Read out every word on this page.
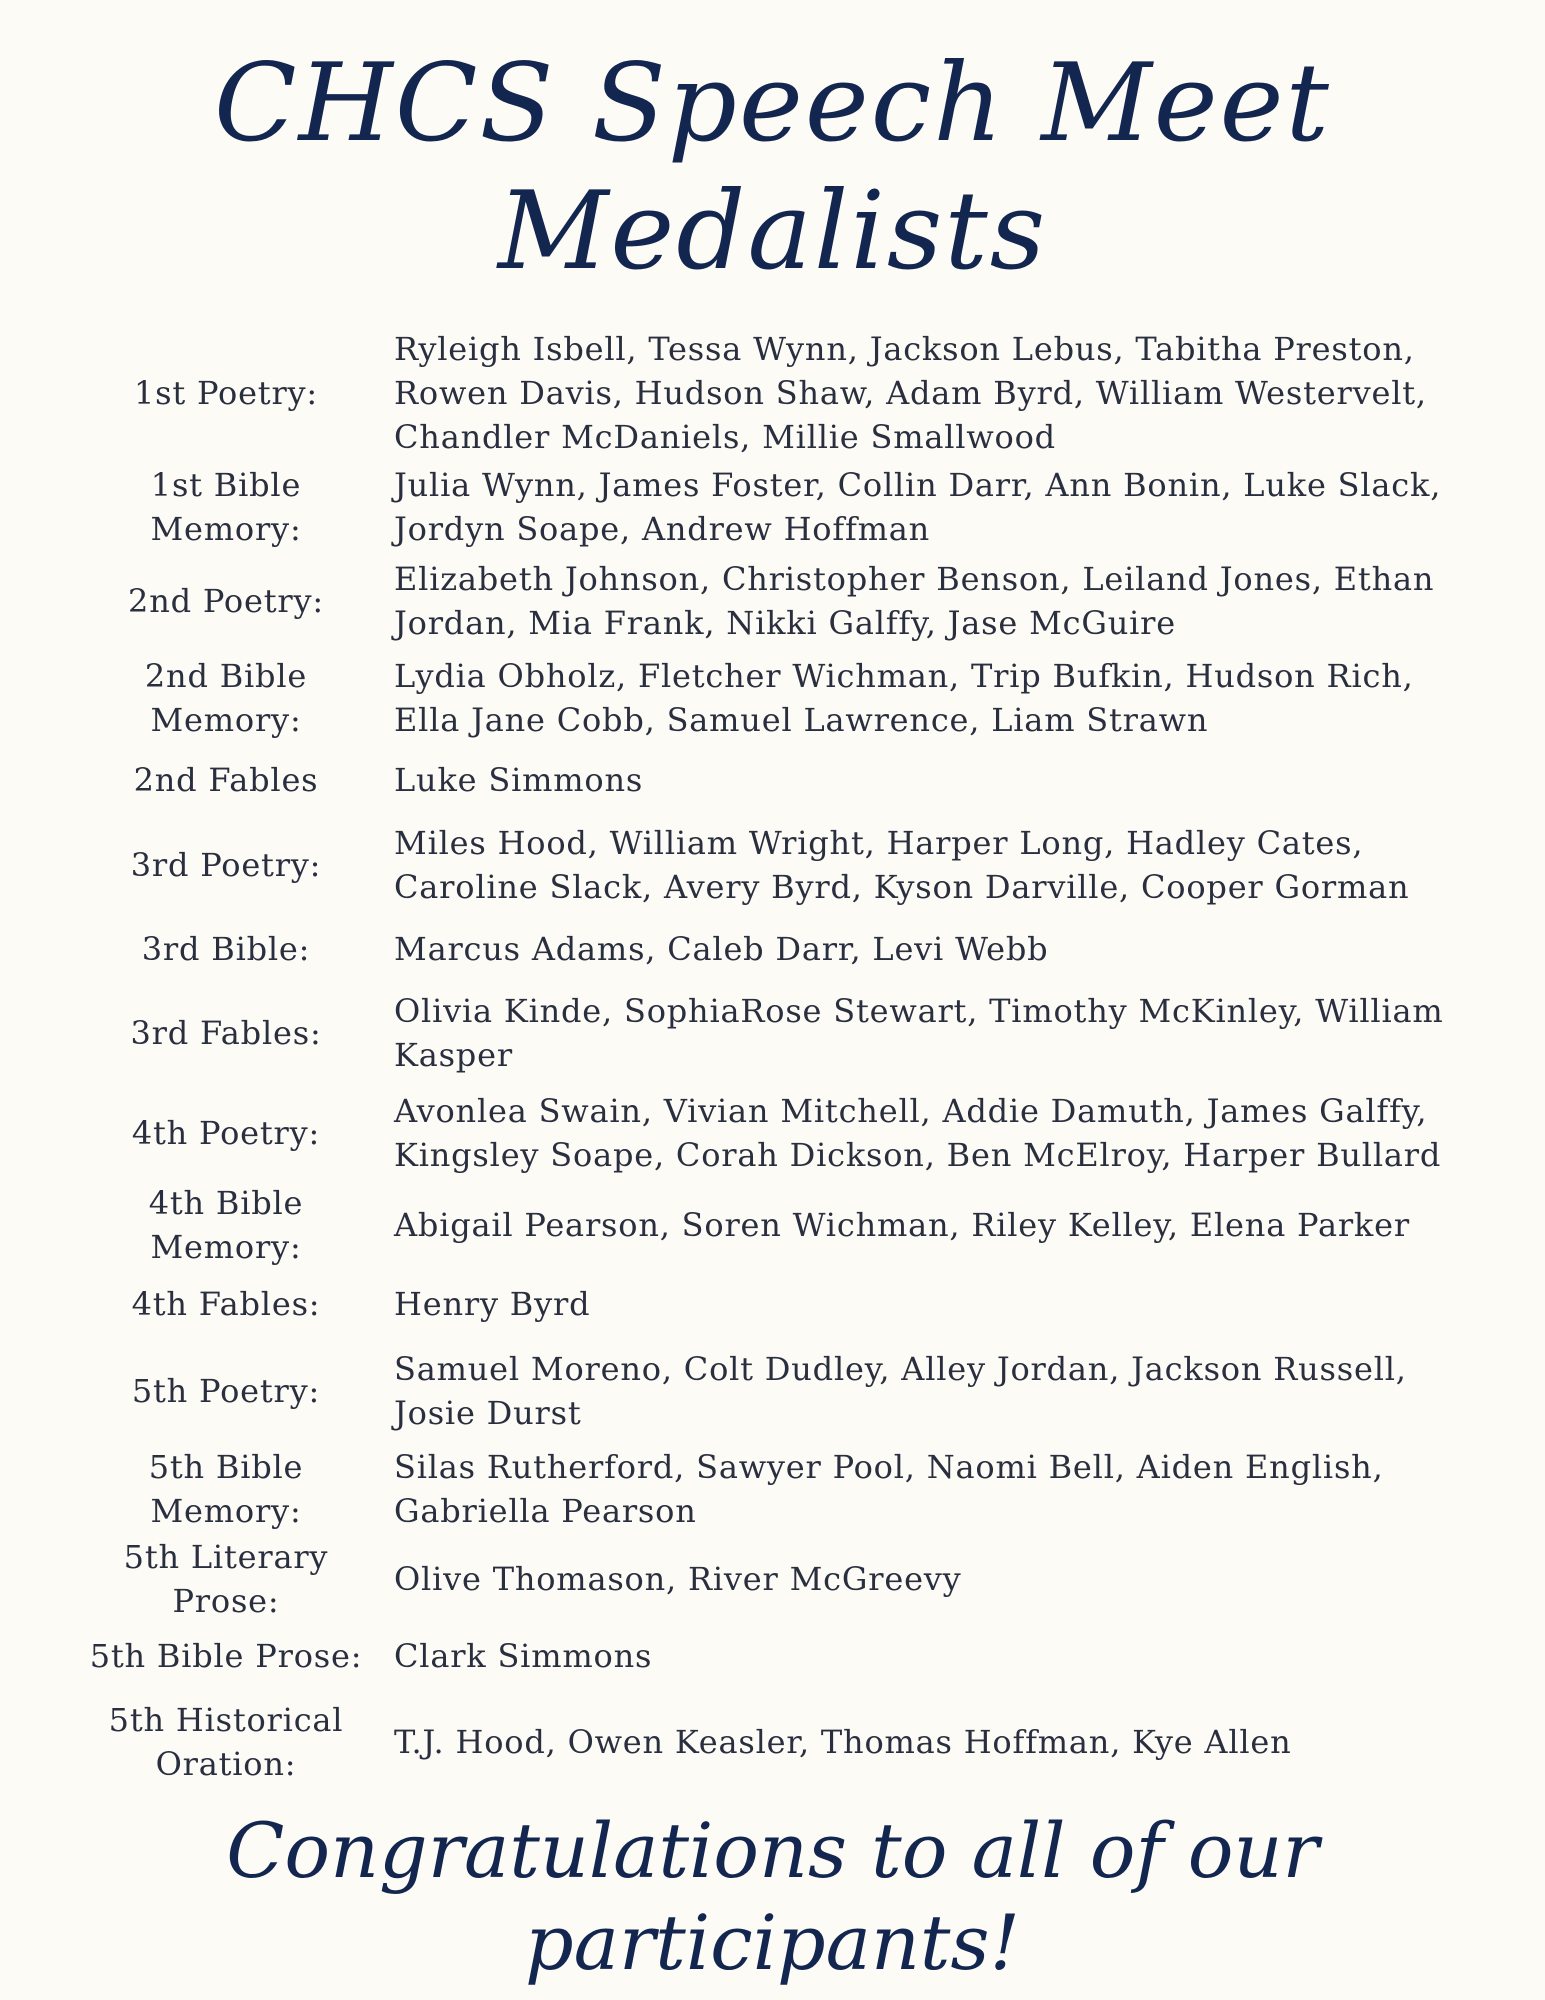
CHCS Speech Meet
Medalists
1st Poetry:
Ryleigh Isbell, Tessa Wynn, Jackson Lebus, Tabitha Preston, Rowen Davis, Hudson Shaw, Adam Byrd, William Westervelt, Chandler McDaniels, Millie Smallwood
1st Bible Memory:
Julia Wynn, James Foster, Collin Darr, Ann Bonin, Luke Slack, Jordyn Soape, Andrew Hoffman
2nd Poetry:
Elizabeth Johnson, Christopher Benson, Leiland Jones, Ethan Jordan, Mia Frank, Nikki Galffy, Jase McGuire
2nd Bible Memory:
Lydia Obholz, Fletcher Wichman, Trip Bufkin, Hudson Rich, Ella Jane Cobb, Samuel Lawrence, Liam Strawn
2nd Fables	Luke Simmons
3rd Poetry:
Miles Hood, William Wright, Harper Long, Hadley Cates, Caroline Slack, Avery Byrd, Kyson Darville, Cooper Gorman
3rd Bible:	Marcus Adams, Caleb Darr, Levi Webb
3rd Fables:
Olivia Kinde, SophiaRose Stewart, Timothy McKinley, William Kasper
4th Poetry:
Avonlea Swain, Vivian Mitchell, Addie Damuth, James Galffy, Kingsley Soape, Corah Dickson, Ben McElroy, Harper Bullard
4th Bible Memory:
Abigail Pearson, Soren Wichman, Riley Kelley, Elena Parker
4th Fables:	Henry Byrd
5th Poetry:
Samuel Moreno, Colt Dudley, Alley Jordan, Jackson Russell, Josie Durst
5th Bible Memory:
Silas Rutherford, Sawyer Pool, Naomi Bell, Aiden English, Gabriella Pearson
5th Literary Prose:
Olive Thomason, River McGreevy
5th Bible Prose: Clark Simmons
5th Historical Oration:
T.J. Hood, Owen Keasler, Thomas Hoffman, Kye Allen
Congratulations to all of our
participants!
